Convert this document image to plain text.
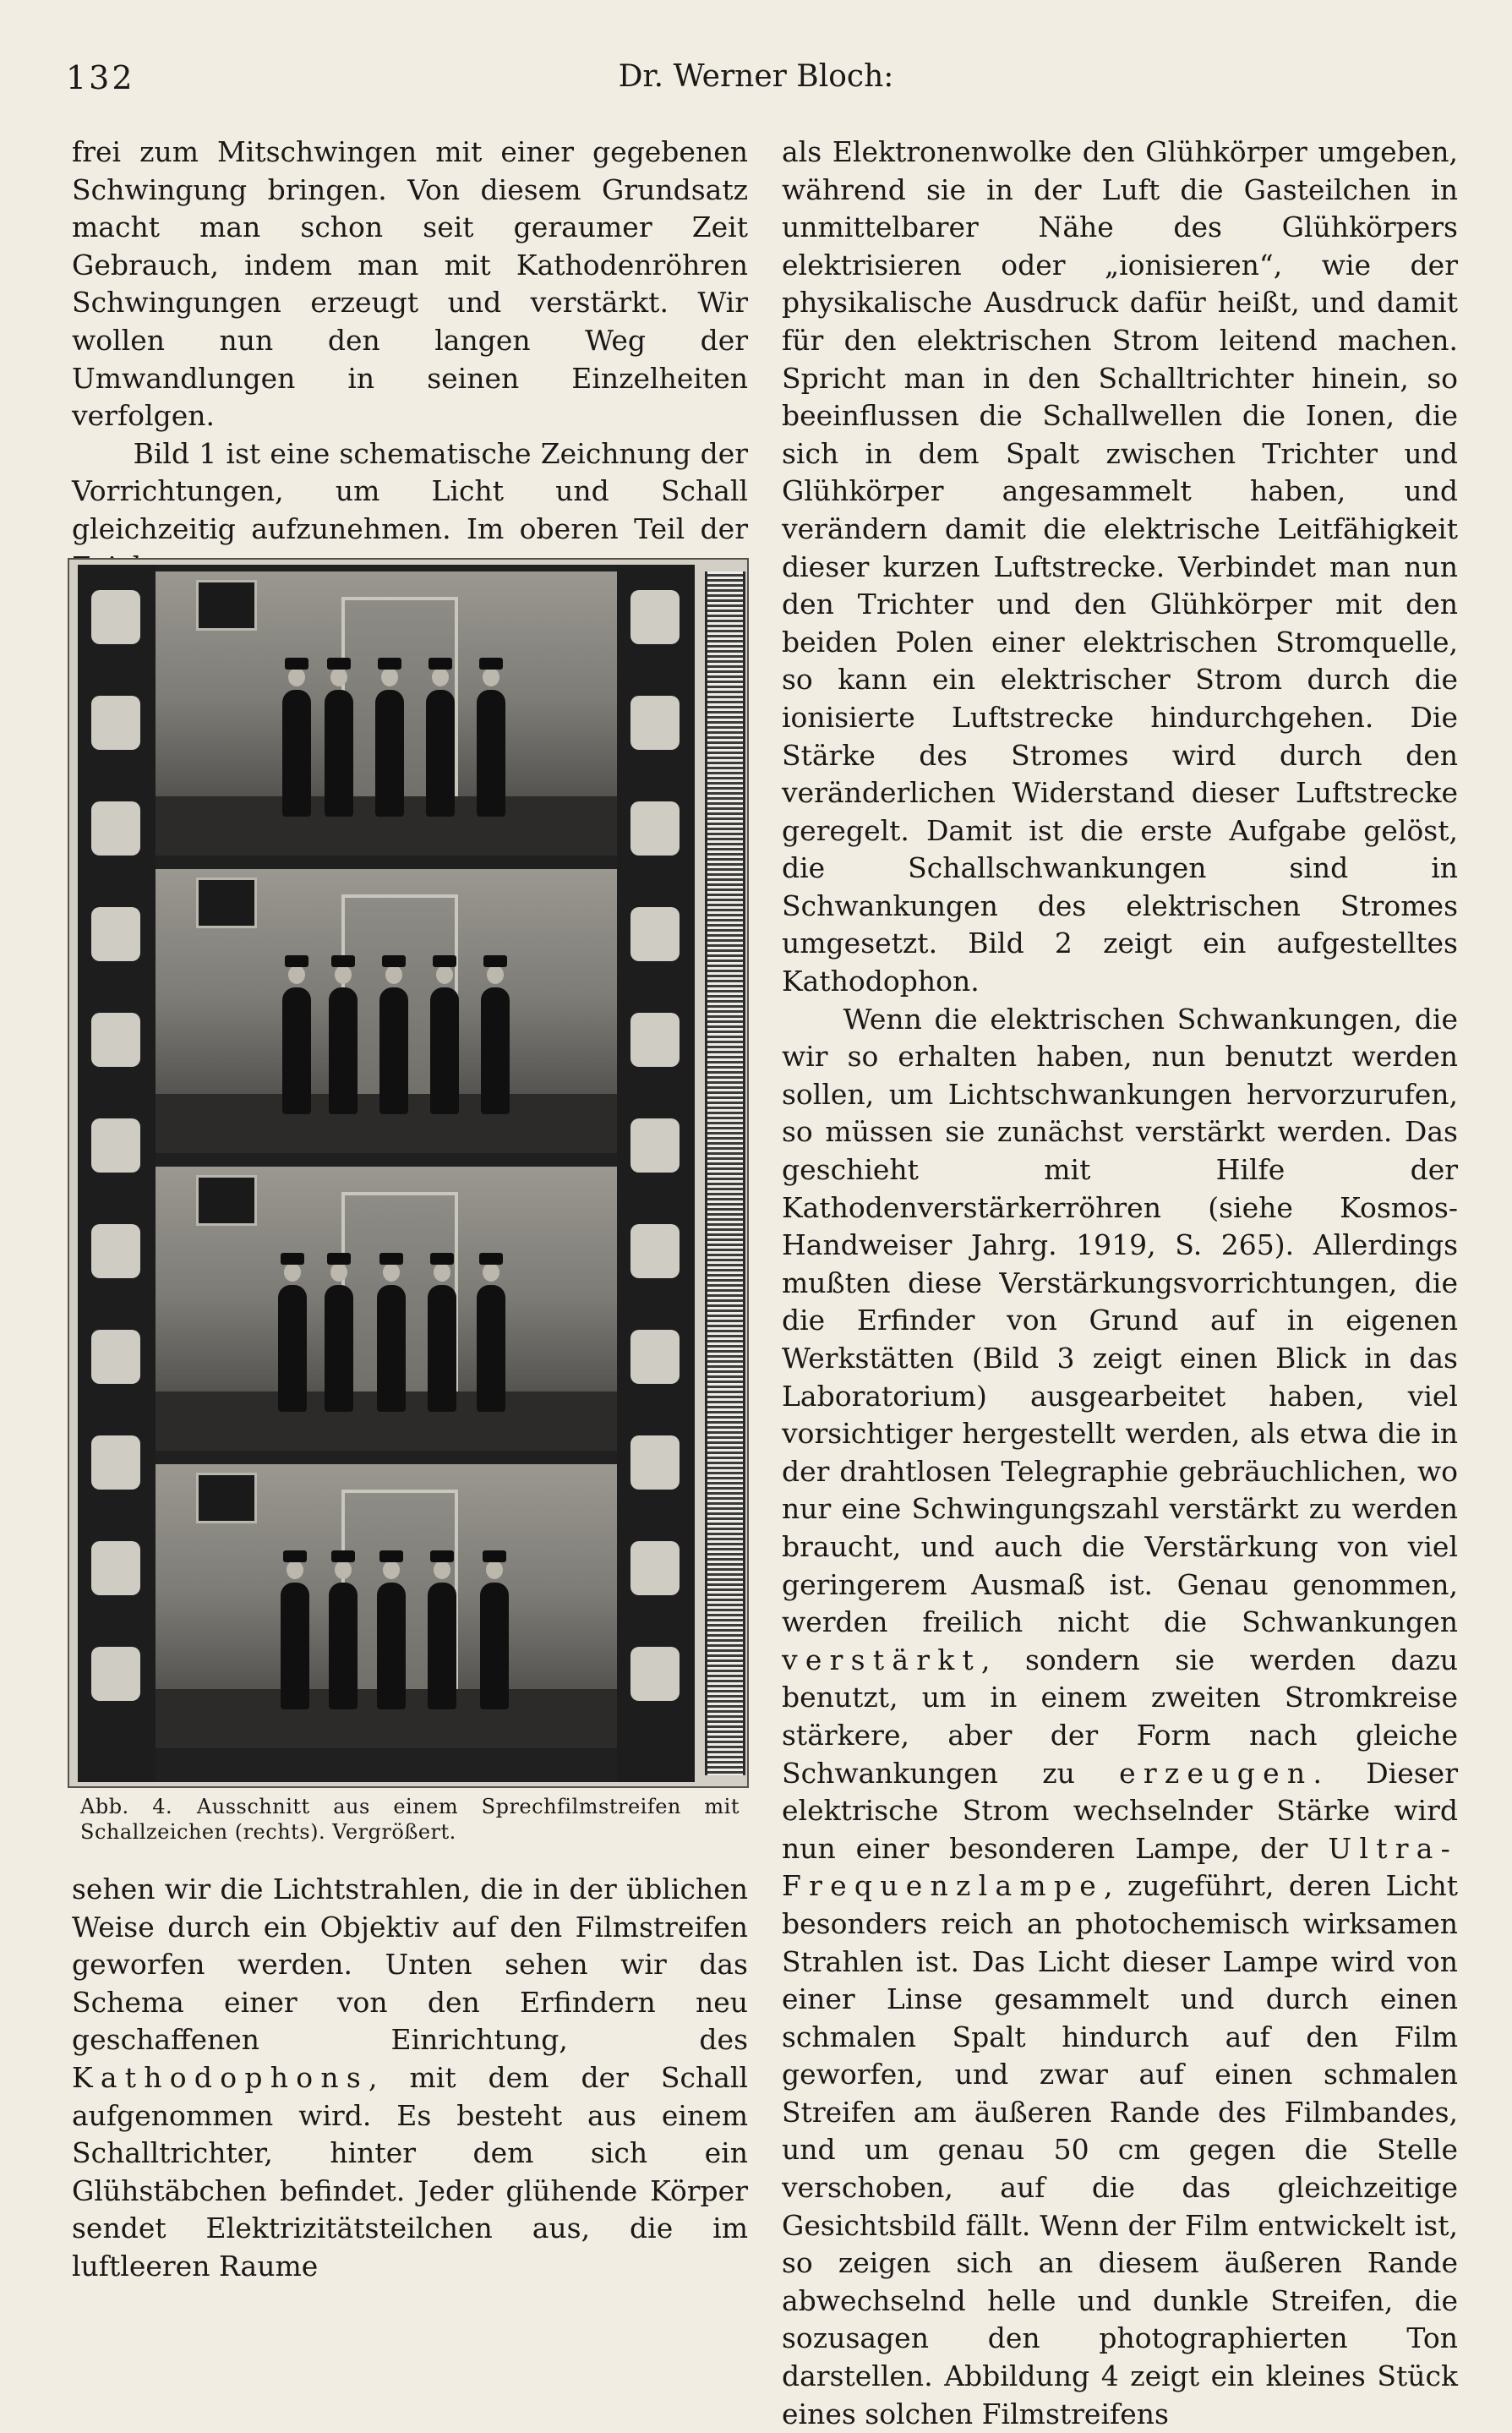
132	Dr. Werner Bloch:

frei zum Mitschwingen mit einer gegebenen Schwingung bringen. Von diesem Grundsatz macht man schon seit geraumer Zeit Gebrauch, indem man mit Kathodenröhren Schwingungen erzeugt und verstärkt. Wir wollen nun den langen Weg der Umwandlungen in seinen Einzelheiten verfolgen.

Bild 1 ist eine schematische Zeichnung der Vorrichtungen, um Licht und Schall gleichzeitig aufzunehmen. Im oberen Teil der

Abb. 4. Ausschnitt aus einem Sprechfilmstreifen mit Schallzeichen (rechts). Vergrößert.

sehen wir die Lichtstrahlen, die in der üblichen Weise durch ein Objektiv auf den Filmstreifen geworfen werden. Unten sehen wir das Schema einer von den Erfindern neu geschaffenen Einrichtung, des Kathodophons, mit dem der Schall aufgenommen wird. Es besteht aus einem Schalltrichter, hinter dem sich ein Glühstäbchen befindet. Jeder glühende Körper sendet Elektrizitätsteilchen aus, die im luftleeren Raume

als Elektronenwolke den Glühkörper umgeben, während sie in der Luft die Gasteilchen in unmittelbarer Nähe des Glühkörpers elektrisieren oder „ionisieren“, wie der physikalische Ausdruck dafür heißt, und damit für den elektrischen Strom leitend machen. Spricht man in den Schalltrichter hinein, so beeinflussen die Schallwellen die Ionen, die sich in dem Spalt zwischen Trichter und Glühkörper angesammelt haben, und verändern damit die elektrische Leitfähigkeit dieser kurzen Luftstrecke. Verbindet man nun den Trichter und den Glühkörper mit den beiden Polen einer elektrischen Stromquelle, so kann ein elektrischer Strom durch die ionisierte Luftstrecke hindurchgehen. Die Stärke des Stromes wird durch den veränderlichen Widerstand dieser Luftstrecke geregelt. Damit ist die erste Aufgabe gelöst, die Schallschwankungen sind in Schwankungen des elektrischen Stromes umgesetzt. Bild 2 zeigt ein aufgestelltes Kathodophon.

Wenn die elektrischen Schwankungen, die wir so erhalten haben, nun benutzt werden sollen, um Lichtschwankungen hervorzurufen, so müssen sie zunächst verstärkt werden. Das geschieht mit Hilfe der Kathodenverstärkerröhren (siehe Kosmos-Handweiser Jahrg. 1919, S. 265). Allerdings mußten diese Verstärkungsvorrichtungen, die die Erfinder von Grund auf in eigenen Werkstätten (Bild 3 zeigt einen Blick in das Laboratorium) ausgearbeitet haben, viel vorsichtiger hergestellt werden, als etwa die in der drahtlosen Telegraphie gebräuchlichen, wo nur eine Schwingungszahl verstärkt zu werden braucht, und auch die Verstärkung von viel geringerem Ausmaß ist. Genau genommen, werden freilich nicht die Schwankungen verstärkt, sondern sie werden dazu benutzt, um in einem zweiten Stromkreise stärkere, aber der Form nach gleiche Schwankungen zu erzeugen. Dieser elektrische Strom wechselnder Stärke wird nun einer besonderen Lampe, der Ultra-Frequenzlampe, zugeführt, deren Licht besonders reich an photochemisch wirksamen Strahlen ist. Das Licht dieser Lampe wird von einer Linse gesammelt und durch einen schmalen Spalt hindurch auf den Film geworfen, und zwar auf einen schmalen Streifen am äußeren Rande des Filmbandes, und um genau 50 cm gegen die Stelle verschoben, auf die das gleichzeitige Gesichtsbild fällt. Wenn der Film entwickelt ist, so zeigen sich an diesem äußeren Rande abwechselnd helle und dunkle Streifen, die sozusagen den photographierten Ton darstellen. Abbildung 4 zeigt ein kleines Stück eines solchen Filmstreifens
